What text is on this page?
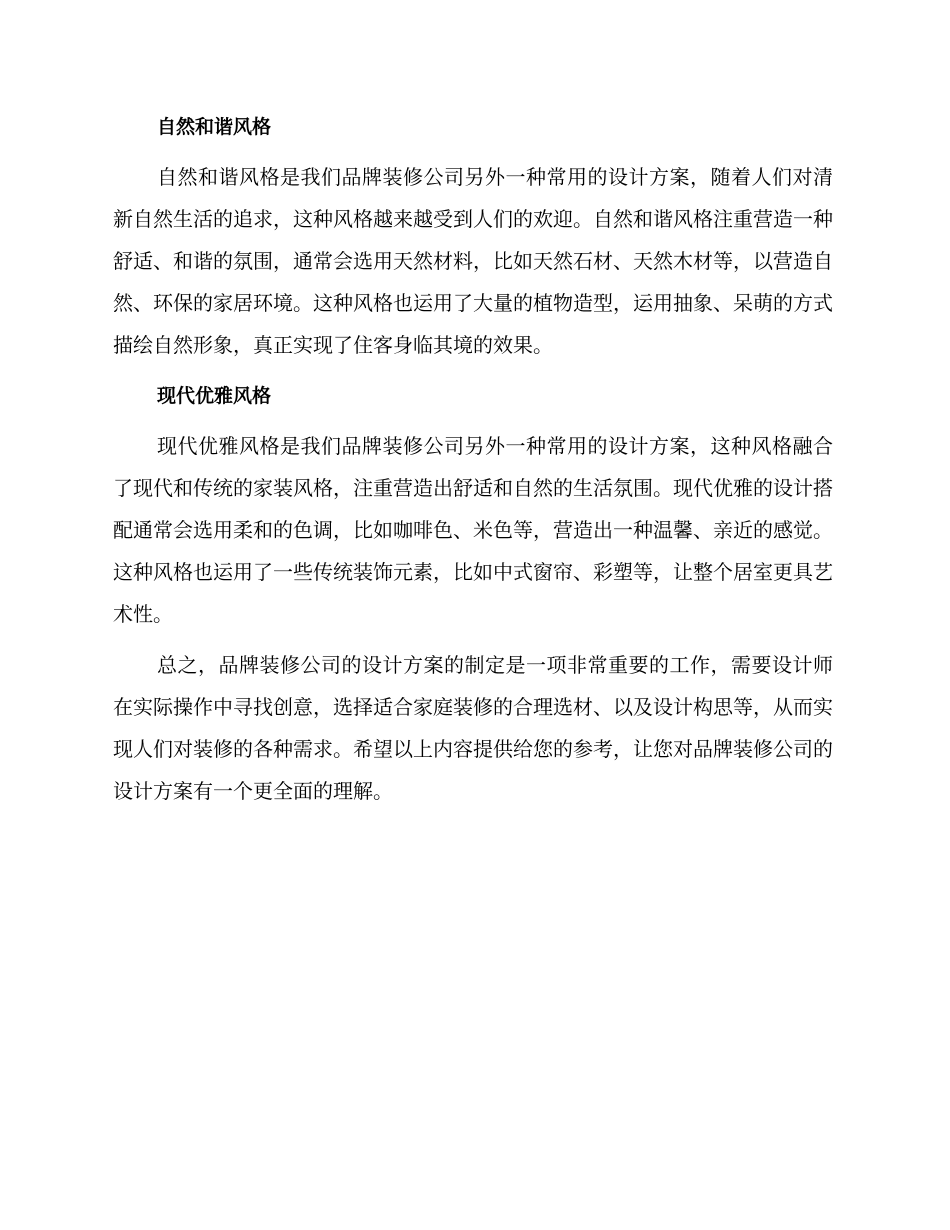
自然和谐风格

自然和谐风格是我们品牌装修公司另外一种常用的设计方案，随着人们对清新自然生活的追求，这种风格越来越受到人们的欢迎。自然和谐风格注重营造一种舒适、和谐的氛围，通常会选用天然材料，比如天然石材、天然木材等，以营造自然、环保的家居环境。这种风格也运用了大量的植物造型，运用抽象、呆萌的方式描绘自然形象，真正实现了住客身临其境的效果。

现代优雅风格

现代优雅风格是我们品牌装修公司另外一种常用的设计方案，这种风格融合了现代和传统的家装风格，注重营造出舒适和自然的生活氛围。现代优雅的设计搭配通常会选用柔和的色调，比如咖啡色、米色等，营造出一种温馨、亲近的感觉。这种风格也运用了一些传统装饰元素，比如中式窗帘、彩塑等，让整个居室更具艺术性。

总之，品牌装修公司的设计方案的制定是一项非常重要的工作，需要设计师在实际操作中寻找创意，选择适合家庭装修的合理选材、以及设计构思等，从而实现人们对装修的各种需求。希望以上内容提供给您的参考，让您对品牌装修公司的设计方案有一个更全面的理解。
